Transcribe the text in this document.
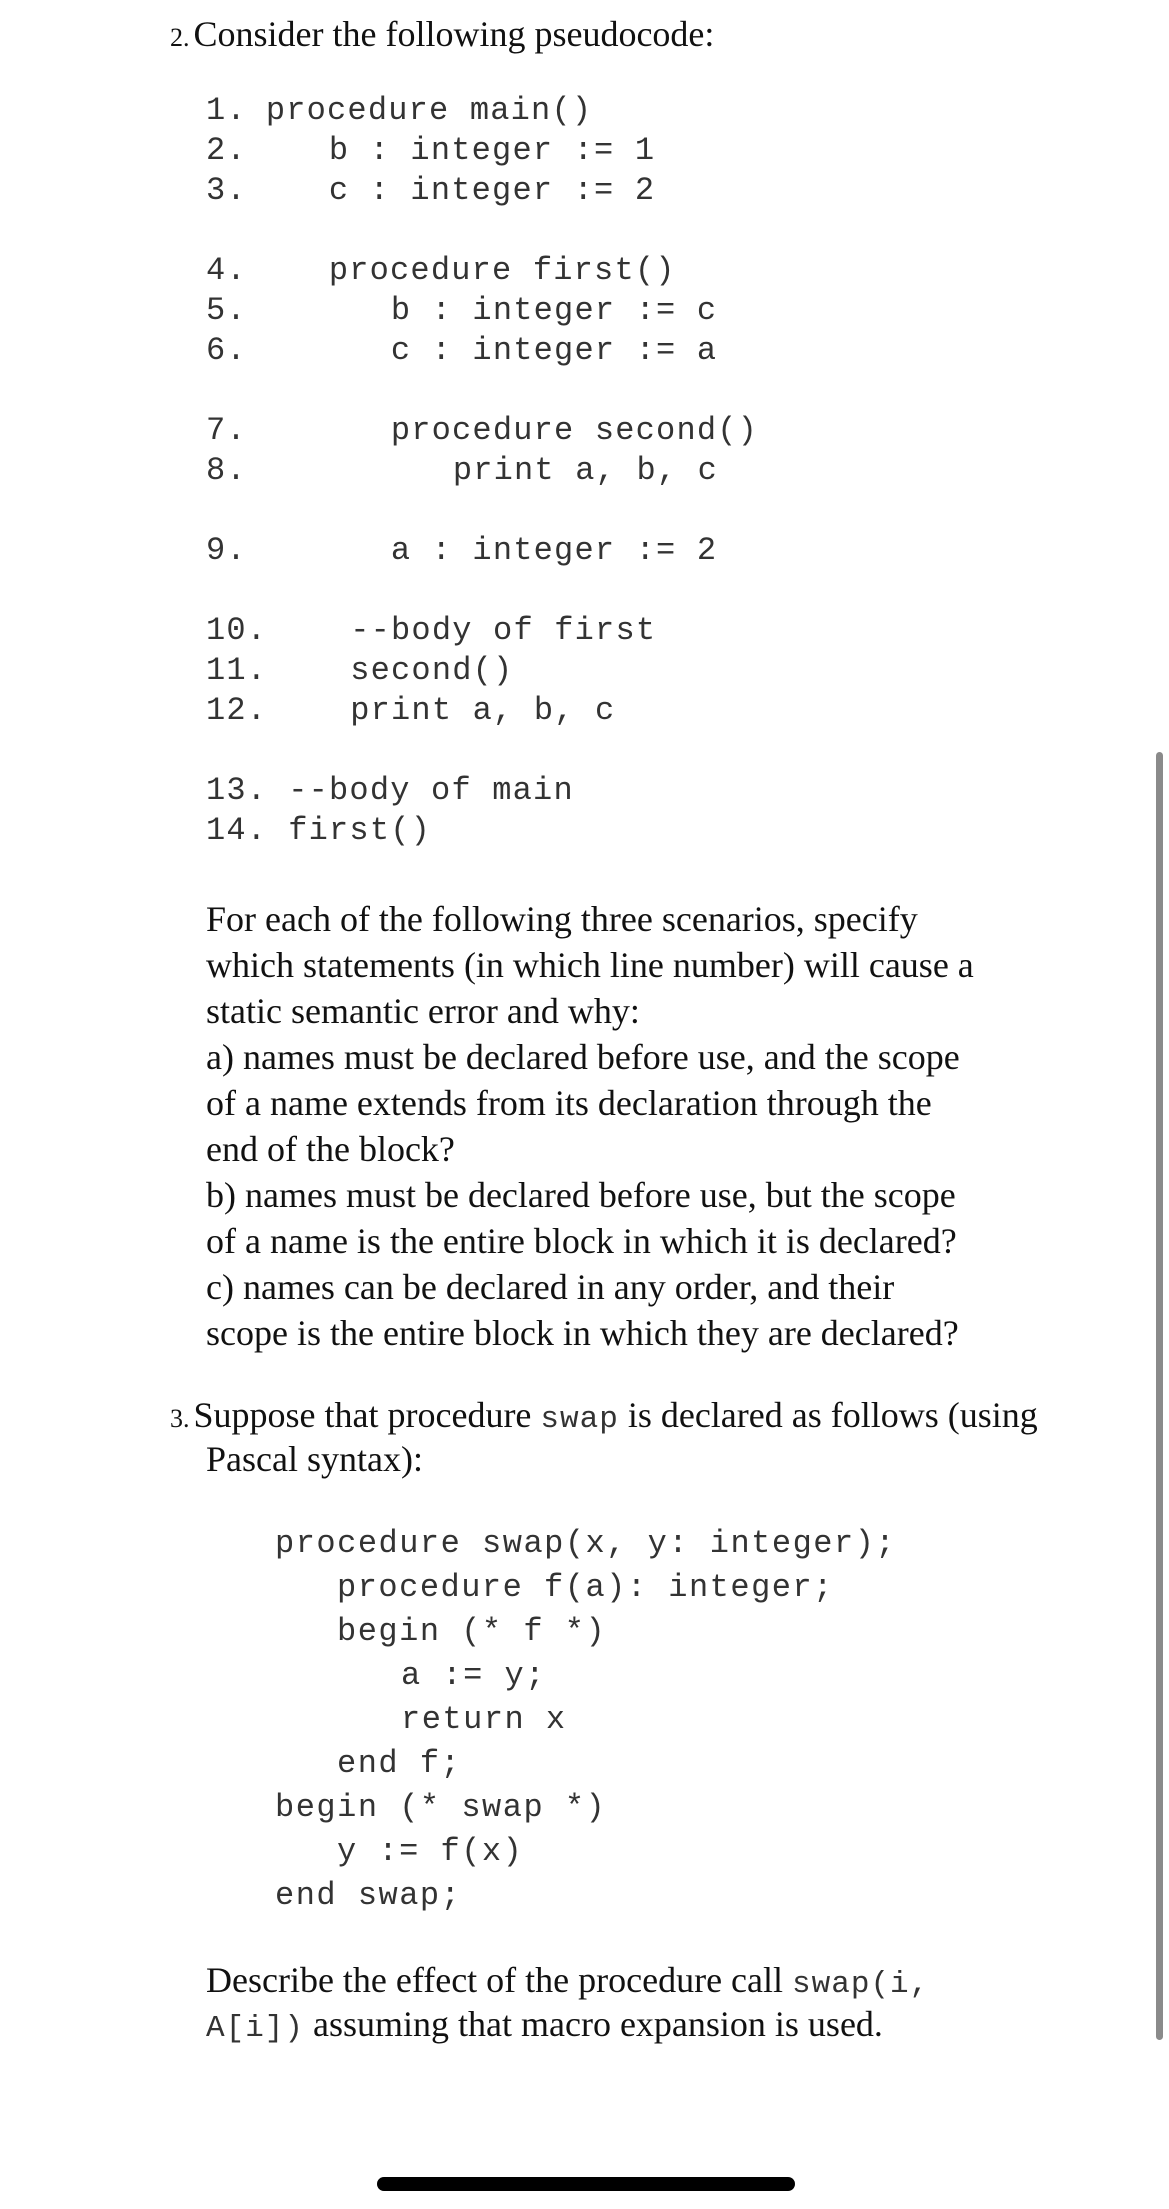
2. Consider the following pseudocode:
1. procedure main()
2.	b : integer := 1
3.	c : integer := 2
4.	procedure first()
5.	b : integer := c
6.	c : integer := a
7.	procedure second()
8.	print a, b, c
9.	a : integer := 2
10.	--body of first
11.	second()
12.	print a, b, c
13. --body of main
14. first()

For each of the following three scenarios, specify

which statements (in which line number) will cause a

static semantic error and why:

a) names must be declared before use, and the scope

of a name extends from its declaration through the

end of the block?

b) names must be declared before use, but the scope

of a name is the entire block in which it is declared?

c) names can be declared in any order, and their

scope is the entire block in which they are declared?

3. Suppose that procedure swap is declared as follows (using
Pascal syntax):
procedure swap(x, y: integer);
procedure f(a): integer;
begin (* f *)
a := y;
return x
end f;
begin (* swap *)
y := f(x)
end swap;
Describe the effect of the procedure call swap(i,
A[i]) assuming that macro expansion is used.
